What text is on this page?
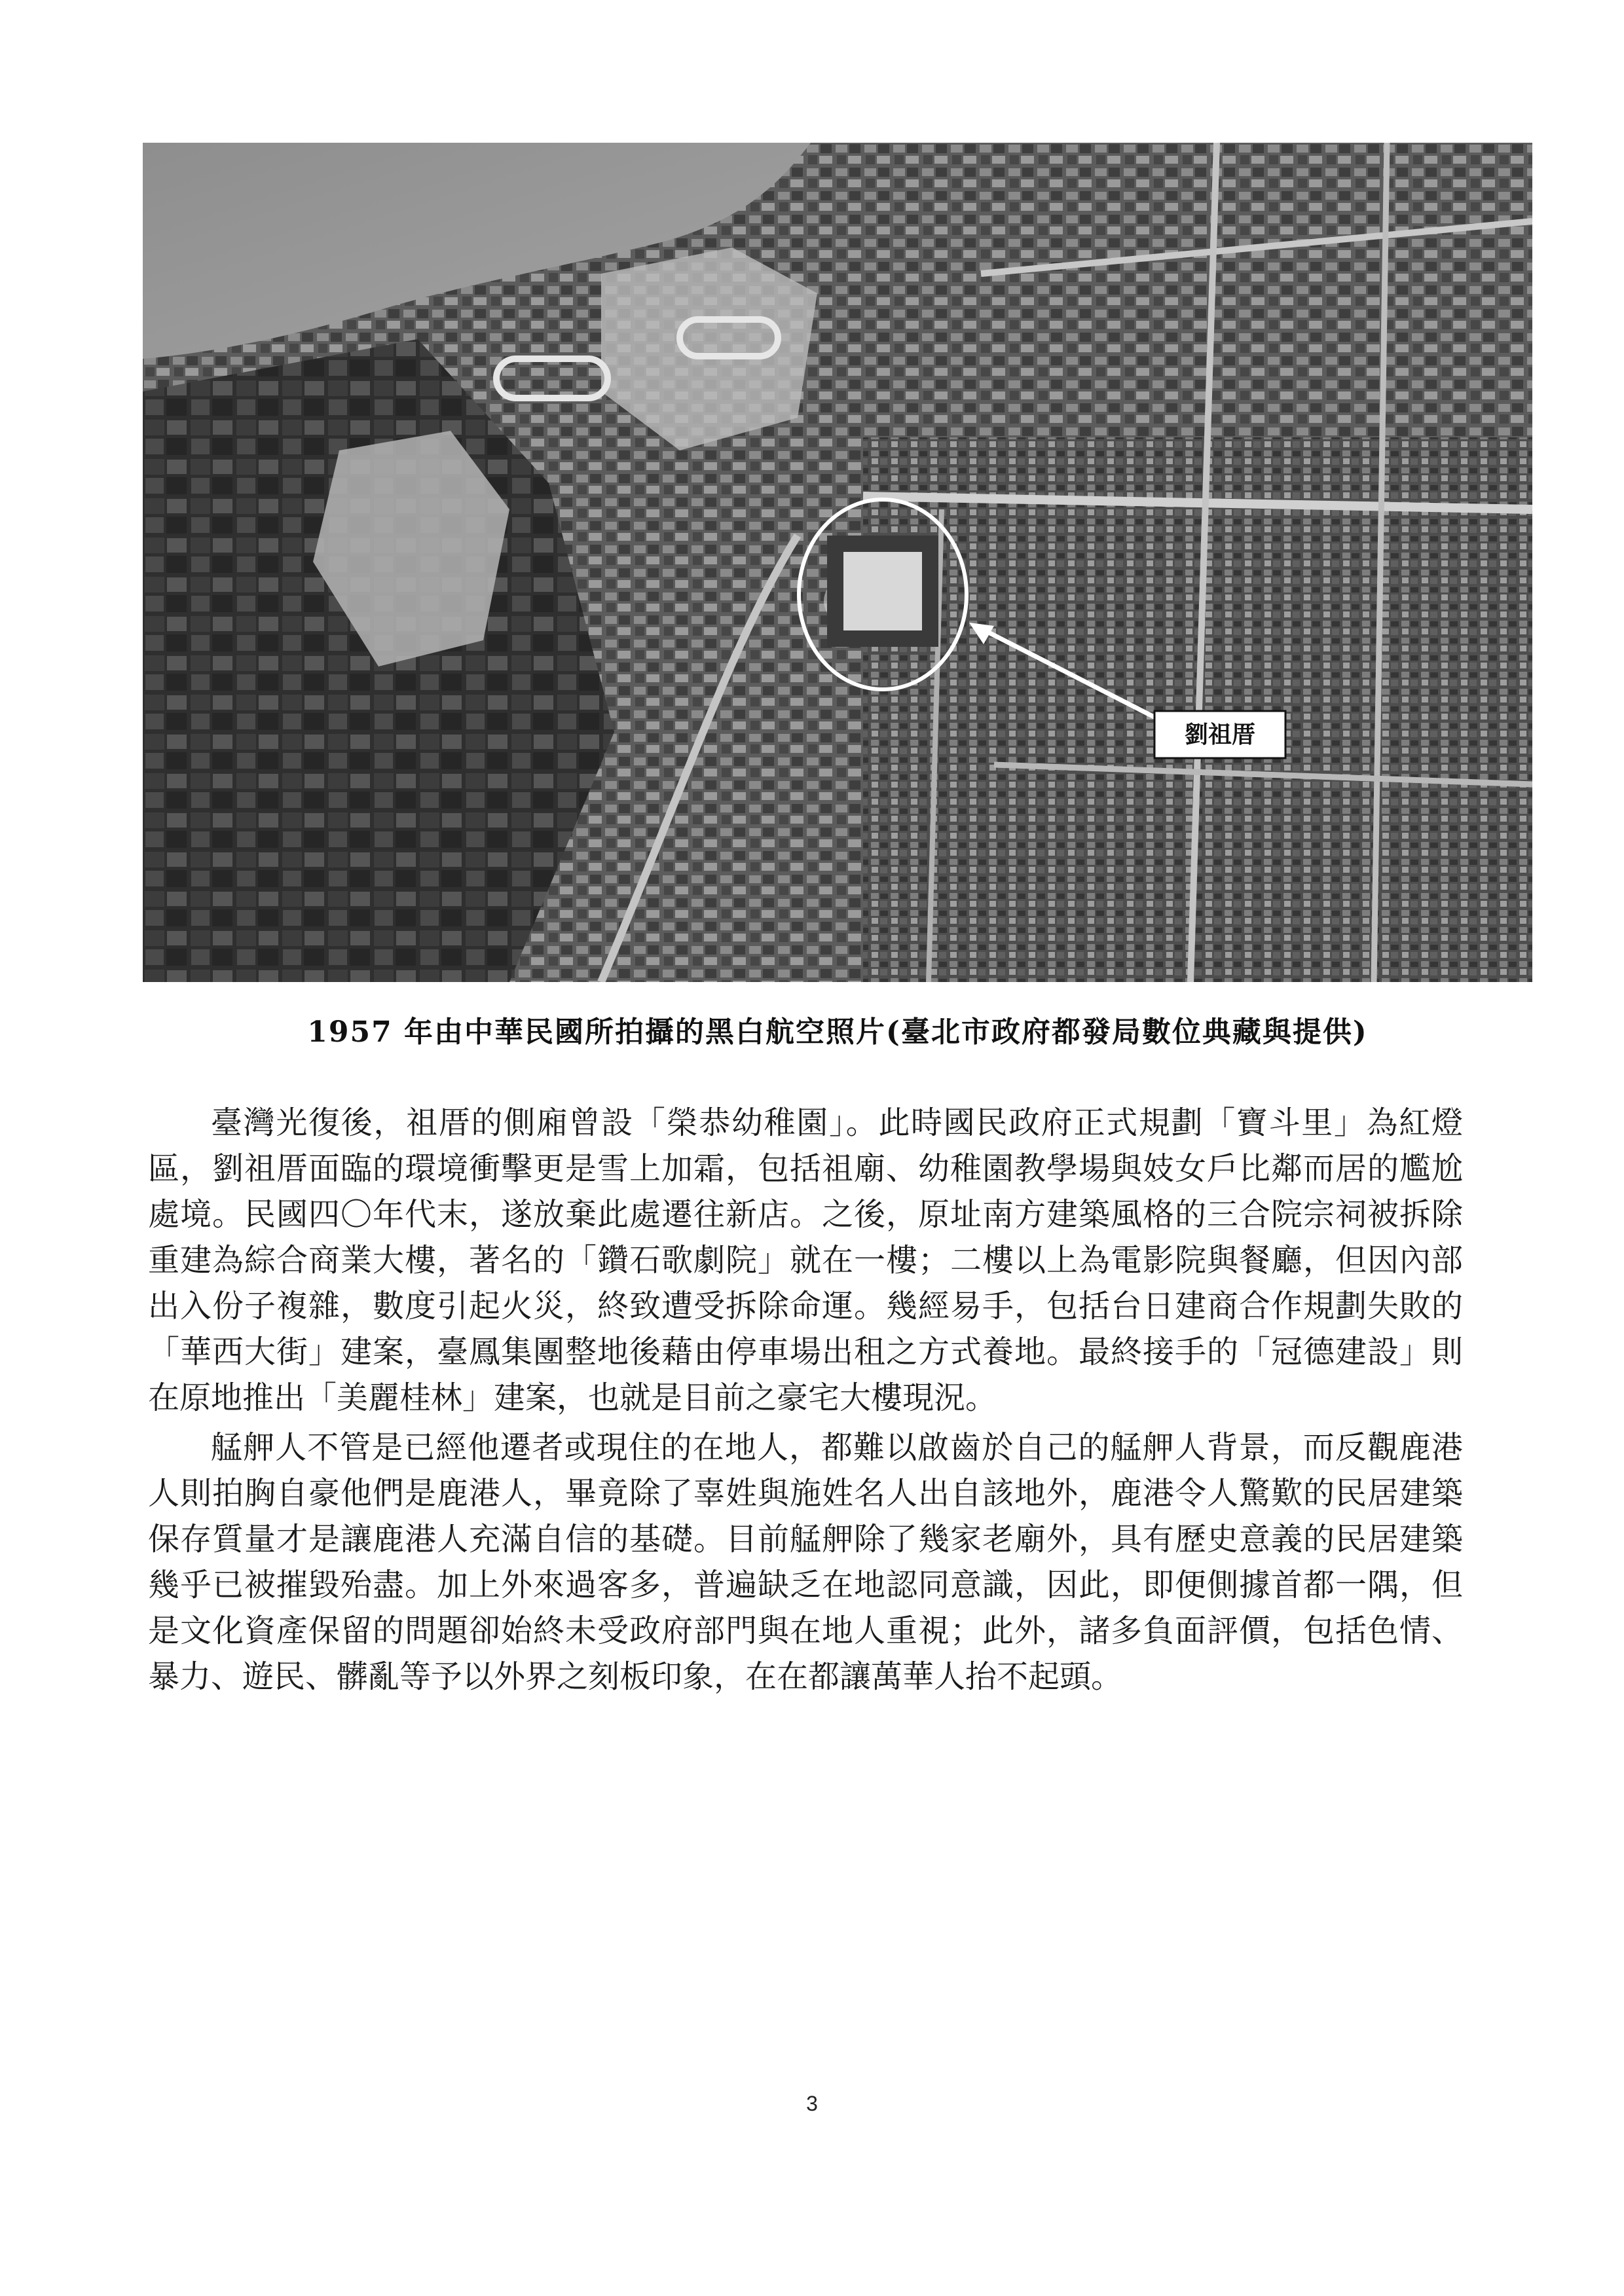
劉祖厝
1957 年由中華民國所拍攝的黑白航空照片(臺北市政府都發局數位典藏與提供)

臺灣光復後，祖厝的側廂曾設「榮恭幼稚園」。此時國民政府正式規劃「寶斗里」為紅燈區，劉祖厝面臨的環境衝擊更是雪上加霜，包括祖廟、幼稚園教學場與妓女戶比鄰而居的尷尬處境。民國四〇年代末，遂放棄此處遷往新店。之後，原址南方建築風格的三合院宗祠被拆除重建為綜合商業大樓，著名的「鑽石歌劇院」就在一樓；二樓以上為電影院與餐廳，但因內部出入份子複雜，數度引起火災，終致遭受拆除命運。幾經易手，包括台日建商合作規劃失敗的「華西大街」建案，臺鳳集團整地後藉由停車場出租之方式養地。最終接手的「冠德建設」則在原地推出「美麗桂林」建案，也就是目前之豪宅大樓現況。

艋舺人不管是已經他遷者或現住的在地人，都難以啟齒於自己的艋舺人背景，而反觀鹿港人則拍胸自豪他們是鹿港人，畢竟除了辜姓與施姓名人出自該地外，鹿港令人驚歎的民居建築保存質量才是讓鹿港人充滿自信的基礎。目前艋舺除了幾家老廟外，具有歷史意義的民居建築幾乎已被摧毀殆盡。加上外來過客多，普遍缺乏在地認同意識，因此，即便側據首都一隅，但是文化資產保留的問題卻始終未受政府部門與在地人重視；此外，諸多負面評價，包括色情、暴力、遊民、髒亂等予以外界之刻板印象，在在都讓萬華人抬不起頭。

3
